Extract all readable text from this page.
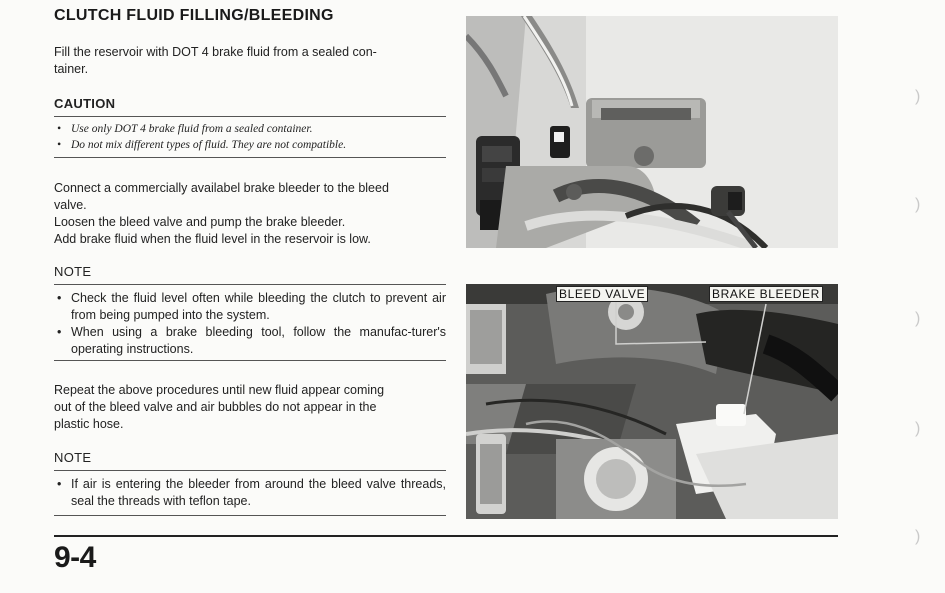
CLUTCH FLUID FILLING/BLEEDING
Fill the reservoir with DOT 4 brake fluid from a sealed con-
tainer.
CAUTION
• Use only DOT 4 brake fluid from a sealed container.
• Do not mix different types of fluid. They are not compatible.
Connect a commercially availabel brake bleeder to the bleed
valve.
Loosen the bleed valve and pump the brake bleeder.
Add brake fluid when the fluid level in the reservoir is low.
NOTE
• Check the fluid level often while bleeding the clutch to prevent air from being pumped into the system.
• When using a brake bleeding tool, follow the manufac-turer's operating instructions.
Repeat the above procedures until new fluid appear coming
out of the bleed valve and air bubbles do not appear in the
plastic hose.
NOTE
• If air is entering the bleeder from around the bleed valve threads, seal the threads with teflon tape.
BLEED VALVE	BRAKE BLEEDER
9-4
)
)
)
)
)
